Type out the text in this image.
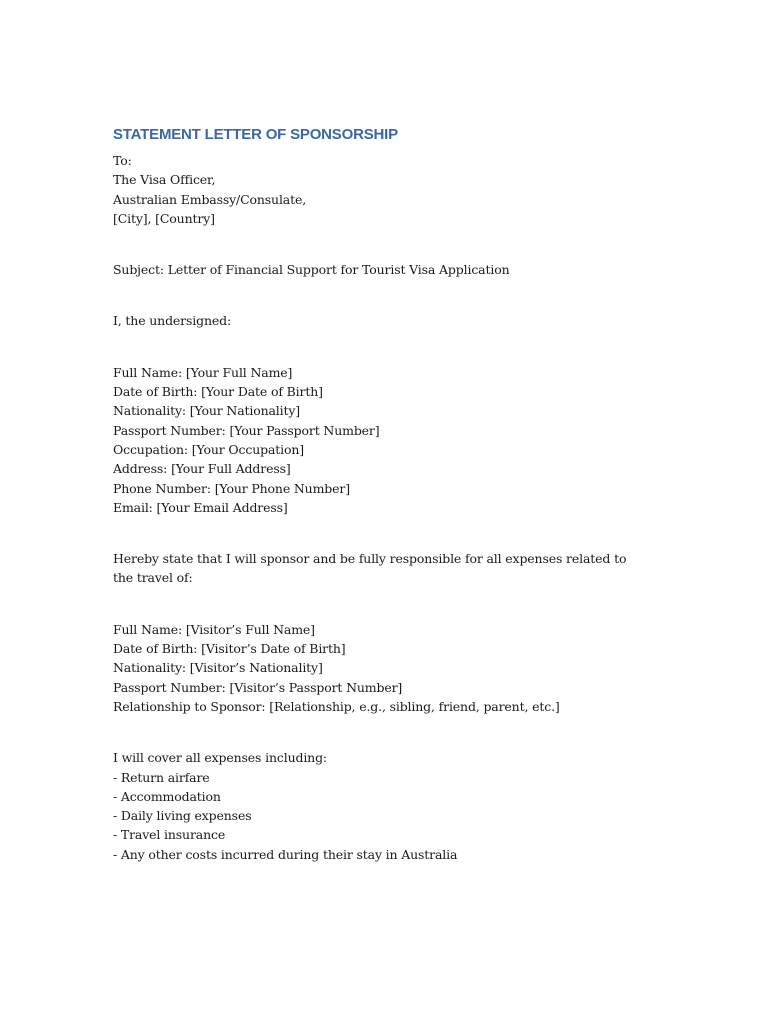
STATEMENT LETTER OF SPONSORSHIP
To:
The Visa Officer,
Australian Embassy/Consulate,
[City], [Country]
Subject: Letter of Financial Support for Tourist Visa Application
I, the undersigned:
Full Name: [Your Full Name]
Date of Birth: [Your Date of Birth]
Nationality: [Your Nationality]
Passport Number: [Your Passport Number]
Occupation: [Your Occupation]
Address: [Your Full Address]
Phone Number: [Your Phone Number]
Email: [Your Email Address]
Hereby state that I will sponsor and be fully responsible for all expenses related to the travel of:
Full Name: [Visitor’s Full Name]
Date of Birth: [Visitor’s Date of Birth]
Nationality: [Visitor’s Nationality]
Passport Number: [Visitor’s Passport Number]
Relationship to Sponsor: [Relationship, e.g., sibling, friend, parent, etc.]
I will cover all expenses including:
- Return airfare
- Accommodation
- Daily living expenses
- Travel insurance
- Any other costs incurred during their stay in Australia
